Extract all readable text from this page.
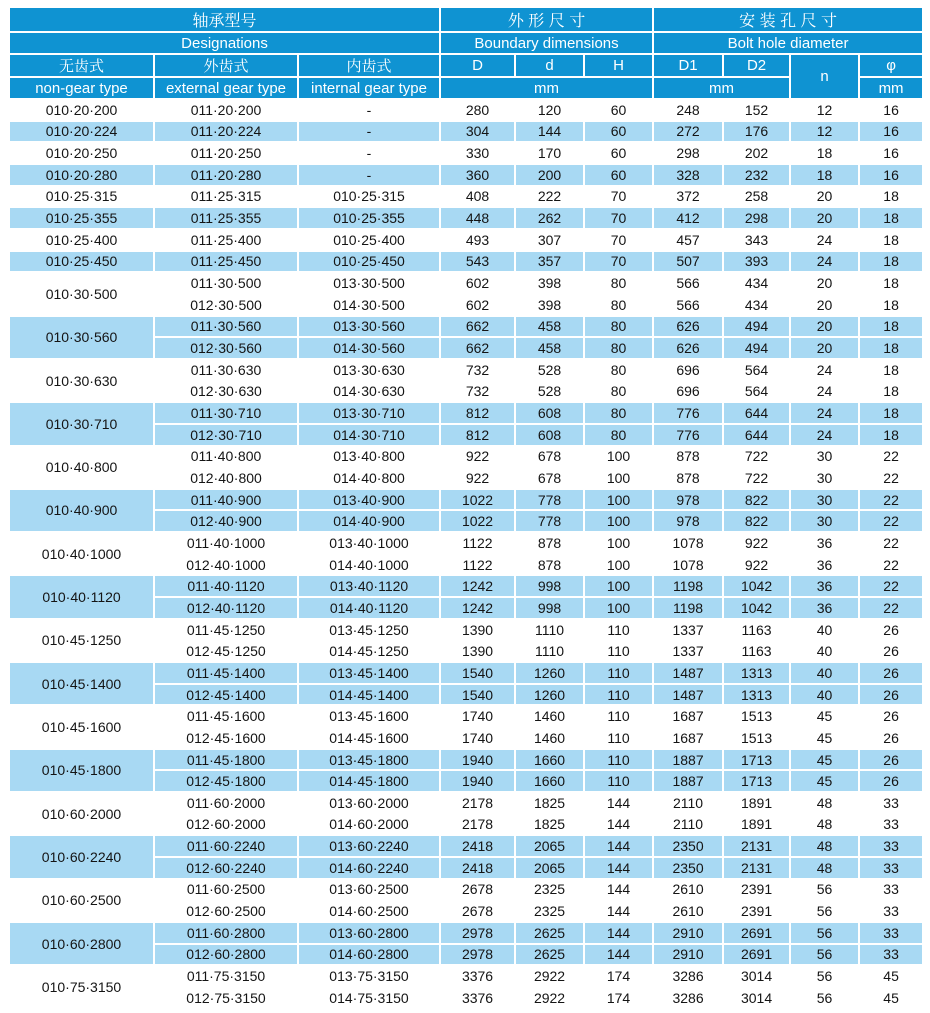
轴承型号			外 形 尺 寸			安 装 孔 尺 寸			
Designations			Boundary dimensions			Bolt hole diameter			
无齿式	外齿式	内齿式	D	d	H	D1	D2	n	φ
non-gear type	external gear type	internal gear type	mm			mm			mm
010·20·200	011·20·200	-	280	120	60	248	152	12	16
010·20·224	011·20·224	-	304	144	60	272	176	12	16
010·20·250	011·20·250	-	330	170	60	298	202	18	16
010·20·280	011·20·280	-	360	200	60	328	232	18	16
010·25·315	011·25·315	010·25·315	408	222	70	372	258	20	18
010·25·355	011·25·355	010·25·355	448	262	70	412	298	20	18
010·25·400	011·25·400	010·25·400	493	307	70	457	343	24	18
010·25·450	011·25·450	010·25·450	543	357	70	507	393	24	18
010·30·500	011·30·500	013·30·500	602	398	80	566	434	20	18
	012·30·500	014·30·500	602	398	80	566	434	20	18
010·30·560	011·30·560	013·30·560	662	458	80	626	494	20	18
	012·30·560	014·30·560	662	458	80	626	494	20	18
010·30·630	011·30·630	013·30·630	732	528	80	696	564	24	18
	012·30·630	014·30·630	732	528	80	696	564	24	18
010·30·710	011·30·710	013·30·710	812	608	80	776	644	24	18
	012·30·710	014·30·710	812	608	80	776	644	24	18
010·40·800	011·40·800	013·40·800	922	678	100	878	722	30	22
	012·40·800	014·40·800	922	678	100	878	722	30	22
010·40·900	011·40·900	013·40·900	1022	778	100	978	822	30	22
	012·40·900	014·40·900	1022	778	100	978	822	30	22
010·40·1000	011·40·1000	013·40·1000	1122	878	100	1078	922	36	22
	012·40·1000	014·40·1000	1122	878	100	1078	922	36	22
010·40·1120	011·40·1120	013·40·1120	1242	998	100	1198	1042	36	22
	012·40·1120	014·40·1120	1242	998	100	1198	1042	36	22
010·45·1250	011·45·1250	013·45·1250	1390	1110	110	1337	1163	40	26
	012·45·1250	014·45·1250	1390	1110	110	1337	1163	40	26
010·45·1400	011·45·1400	013·45·1400	1540	1260	110	1487	1313	40	26
	012·45·1400	014·45·1400	1540	1260	110	1487	1313	40	26
010·45·1600	011·45·1600	013·45·1600	1740	1460	110	1687	1513	45	26
	012·45·1600	014·45·1600	1740	1460	110	1687	1513	45	26
010·45·1800	011·45·1800	013·45·1800	1940	1660	110	1887	1713	45	26
	012·45·1800	014·45·1800	1940	1660	110	1887	1713	45	26
010·60·2000	011·60·2000	013·60·2000	2178	1825	144	2110	1891	48	33
	012·60·2000	014·60·2000	2178	1825	144	2110	1891	48	33
010·60·2240	011·60·2240	013·60·2240	2418	2065	144	2350	2131	48	33
	012·60·2240	014·60·2240	2418	2065	144	2350	2131	48	33
010·60·2500	011·60·2500	013·60·2500	2678	2325	144	2610	2391	56	33
	012·60·2500	014·60·2500	2678	2325	144	2610	2391	56	33
010·60·2800	011·60·2800	013·60·2800	2978	2625	144	2910	2691	56	33
	012·60·2800	014·60·2800	2978	2625	144	2910	2691	56	33
010·75·3150	011·75·3150	013·75·3150	3376	2922	174	3286	3014	56	45
	012·75·3150	014·75·3150	3376	2922	174	3286	3014	56	45
